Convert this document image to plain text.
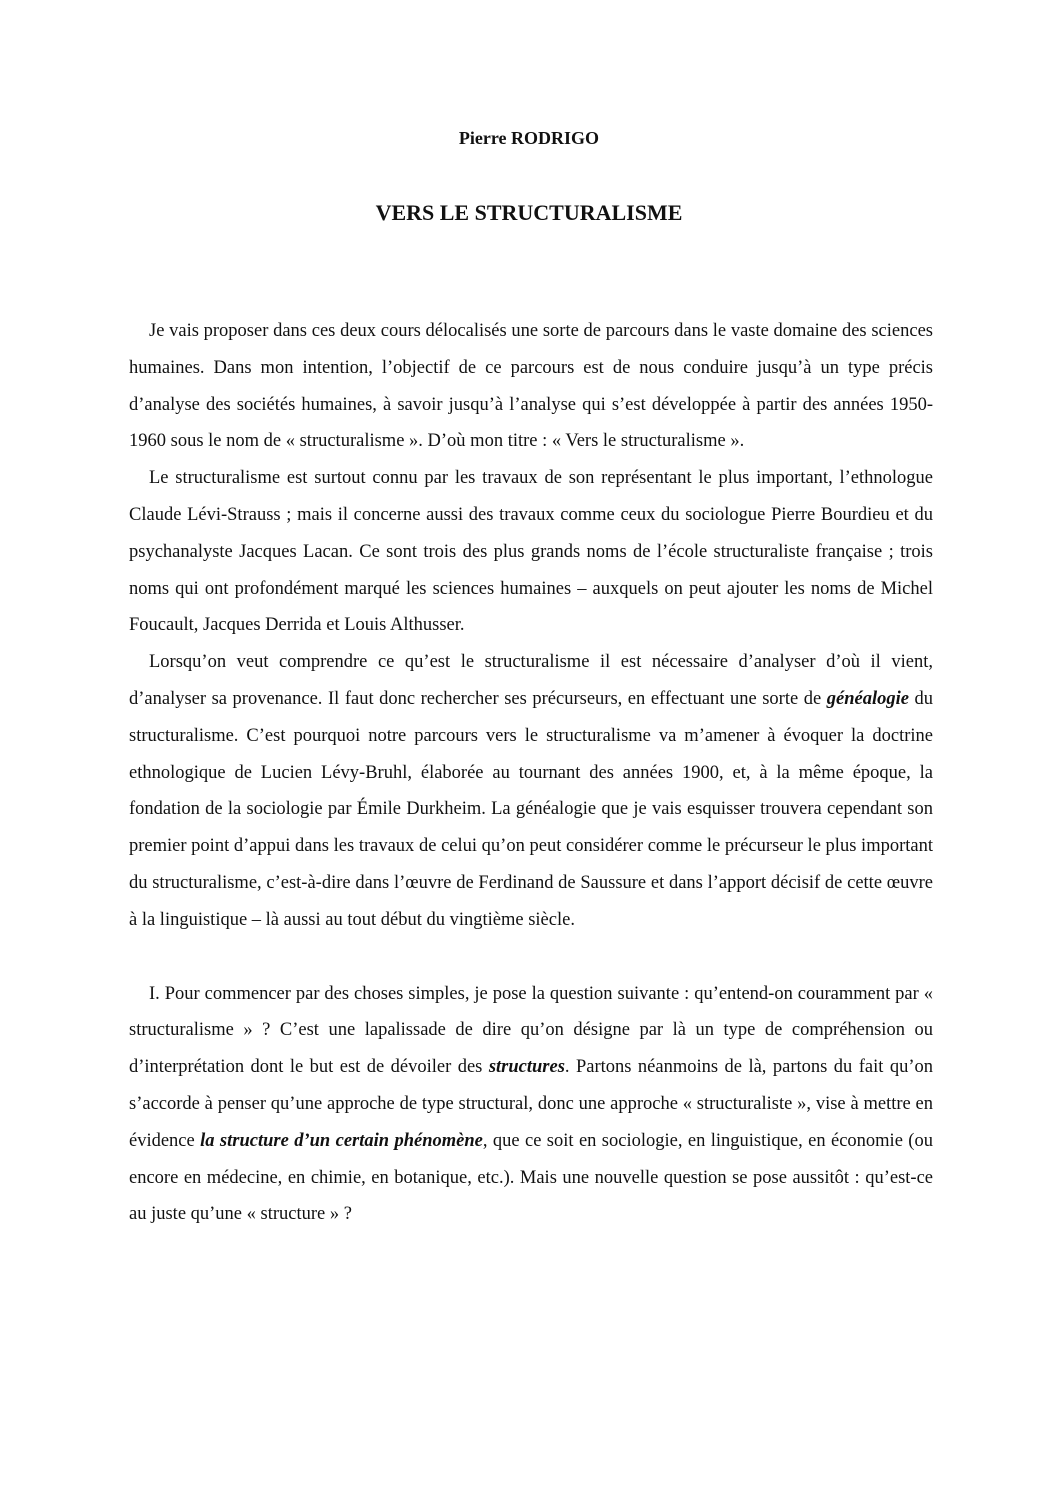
Pierre RODRIGO
VERS LE STRUCTURALISME

Je vais proposer dans ces deux cours délocalisés une sorte de parcours dans le vaste domaine des sciences humaines. Dans mon intention, l’objectif de ce parcours est de nous conduire jusqu’à un type précis d’analyse des sociétés humaines, à savoir jusqu’à l’analyse qui s’est développée à partir des années 1950-1960 sous le nom de « structuralisme ». D’où mon titre : « Vers le structuralisme ».

Le structuralisme est surtout connu par les travaux de son représentant le plus important, l’ethnologue Claude Lévi-Strauss ; mais il concerne aussi des travaux comme ceux du sociologue Pierre Bourdieu et du psychanalyste Jacques Lacan. Ce sont trois des plus grands noms de l’école structuraliste française ; trois noms qui ont profondément marqué les sciences humaines – auxquels on peut ajouter les noms de Michel Foucault, Jacques Derrida et Louis Althusser.

Lorsqu’on veut comprendre ce qu’est le structuralisme il est nécessaire d’analyser d’où il vient, d’analyser sa provenance. Il faut donc rechercher ses précurseurs, en effectuant une sorte de généalogie du structuralisme. C’est pourquoi notre parcours vers le structuralisme va m’amener à évoquer la doctrine ethnologique de Lucien Lévy-Bruhl, élaborée au tournant des années 1900, et, à la même époque, la fondation de la sociologie par Émile Durkheim. La généalogie que je vais esquisser trouvera cependant son premier point d’appui dans les travaux de celui qu’on peut considérer comme le précurseur le plus important du structuralisme, c’est-à-dire dans l’œuvre de Ferdinand de Saussure et dans l’apport décisif de cette œuvre à la linguistique – là aussi au tout début du vingtième siècle.

I. Pour commencer par des choses simples, je pose la question suivante : qu’entend-on couramment par « structuralisme » ? C’est une lapalissade de dire qu’on désigne par là un type de compréhension ou d’interprétation dont le but est de dévoiler des structures. Partons néanmoins de là, partons du fait qu’on s’accorde à penser qu’une approche de type structural, donc une approche « structuraliste », vise à mettre en évidence la structure d’un certain phénomène, que ce soit en sociologie, en linguistique, en économie (ou encore en médecine, en chimie, en botanique, etc.). Mais une nouvelle question se pose aussitôt : qu’est-ce au juste qu’une « structure » ?
